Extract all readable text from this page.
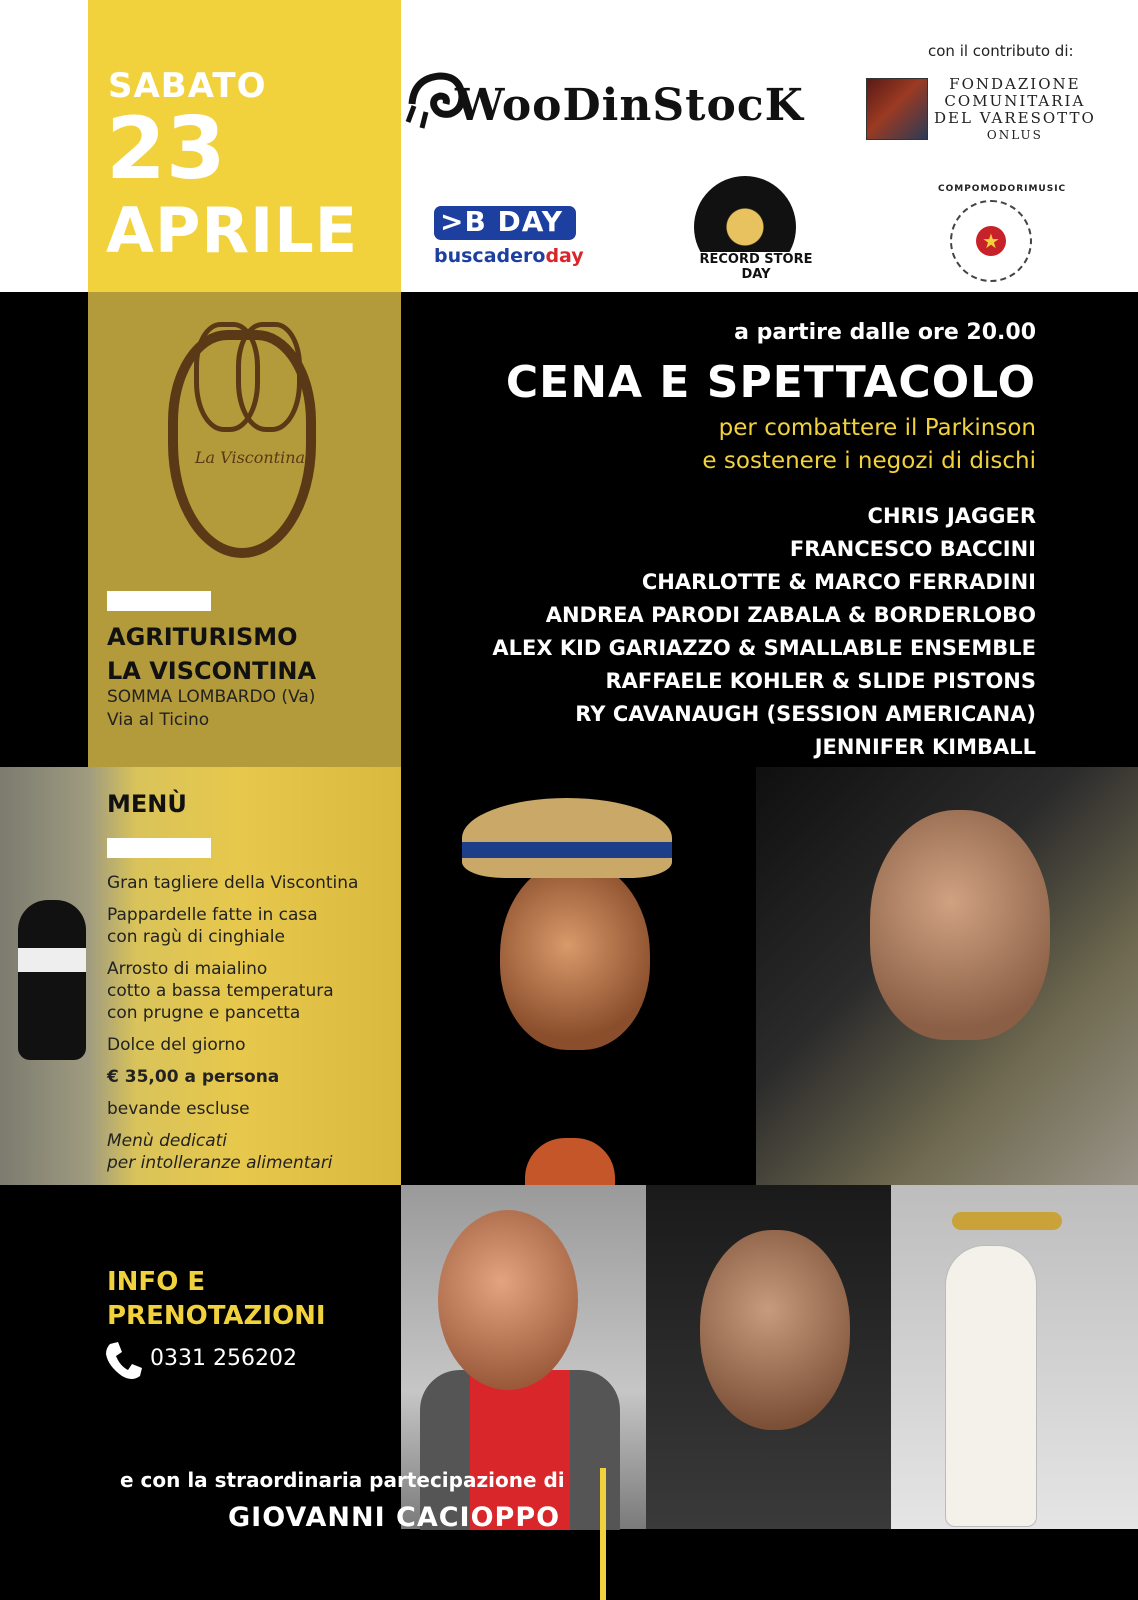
SABATO
23
APRILE
con il contributo di:
WooDinStocK	FONDAZIONE
COMUNITARIA
DEL VARESOTTO
ONLUS
>B DAY
buscaderoday	RECORD STORE DAY
★
COMPOMODORIMUSIC
La Viscontina
AGRITURISMO
LA VISCONTINA
SOMMA LOMBARDO (Va)
Via al Ticino
a partire dalle ore 20.00
CENA E SPETTACOLO
per combattere il Parkinson
e sostenere i negozi di dischi
CHRIS JAGGER
FRANCESCO BACCINI
CHARLOTTE & MARCO FERRADINI
ANDREA PARODI ZABALA & BORDERLOBO
ALEX KID GARIAZZO & SMALLABLE ENSEMBLE
RAFFAELE KOHLER & SLIDE PISTONS
RY CAVANAUGH (SESSION AMERICANA)
JENNIFER KIMBALL
MENÙ
Gran tagliere della Viscontina
Pappardelle fatte in casa
con ragù di cinghiale
Arrosto di maialino
cotto a bassa temperatura
con prugne e pancetta
Dolce del giorno
€ 35,00 a persona
bevande escluse
Menù dedicati
per intolleranze alimentari
INFO E
PRENOTAZIONI
0331 256202
e con la straordinaria partecipazione di
GIOVANNI CACIOPPO
